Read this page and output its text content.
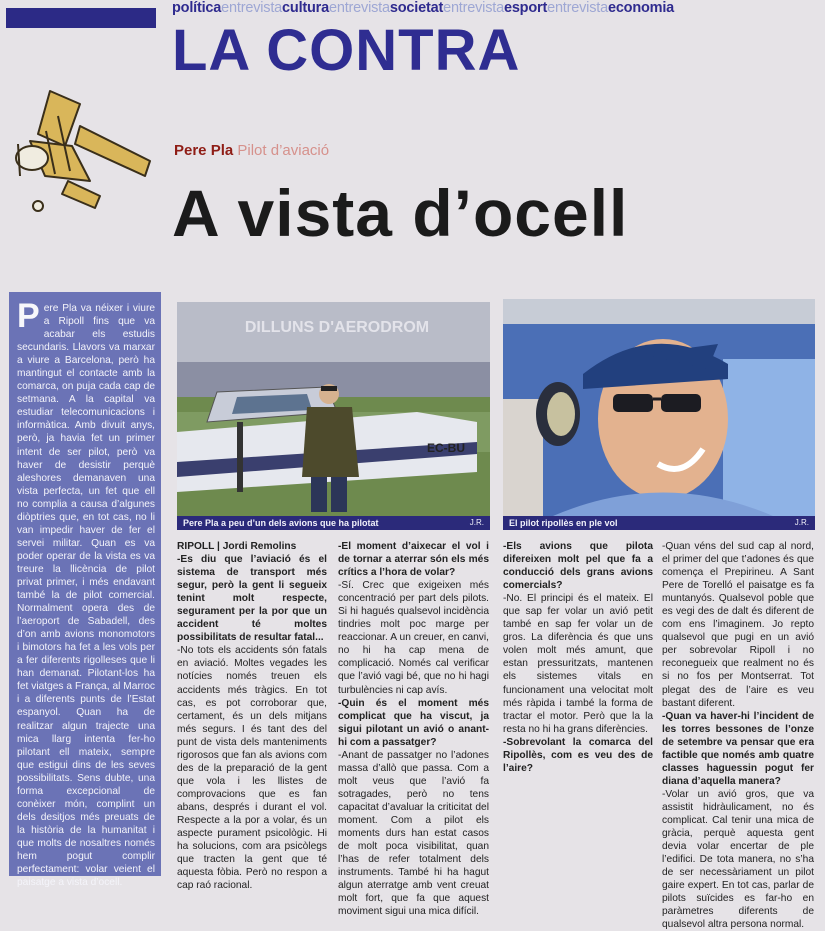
políticaentrevistaculturaentrevistasocietatentrevistaesportentrevistaeconomia
LA CONTRA
Pere Pla Pilot d’aviació
A vista d’ocell
Pere Pla va néixer i viure a Ripoll fins que va acabar els estudis secundaris. Llavors va marxar a viure a Barcelona, però ha mantingut el contacte amb la comarca, on puja cada cap de setmana. A la capital va estudiar telecomunicacions i informàtica. Amb divuit anys, però, ja havia fet un primer intent de ser pilot, però va haver de desistir perquè aleshores demanaven una vista perfecta, un fet que ell no complia a causa d’algunes diòptries que, en tot cas, no li van impedir haver de fer el servei militar. Quan es va poder operar de la vista es va treure la llicència de pilot privat primer, i més endavant també la de pilot comercial. Normalment opera des de l’aeroport de Sabadell, des d’on amb avions monomotors i bimotors ha fet a les vols per a fer diferents rigolleses que li han demanat. Pilotant-los ha fet viatges a França, al Marroc i a diferents punts de l’Estat espanyol. Quan ha de realitzar algun trajecte una mica llarg intenta fer-ho pilotant ell mateix, sempre que estigui dins de les seves possibilitats. Sens dubte, una forma excepcional de conèixer món, complint un dels desitjos més preuats de la història de la humanitat i que molts de nosaltres només hem pogut complir perfectament: volar veient el paisatge a vista d’ocell.
DILLUNS D'AERODROM
EC-BU
Pere Pla a peu d’un dels avions que ha pilotat	J.R.	El pilot ripollès en ple vol	J.R.

RIPOLL | Jordi Remolins

-Es diu que l’aviació és el sistema de transport més segur, però la gent li segueix tenint molt respecte, segurament per la por que un accident té moltes possibilitats de resultar fatal...

-No tots els accidents són fatals en aviació. Moltes vegades les notícies només treuen els accidents més tràgics. En tot cas, es pot corroborar que, certament, és un dels mitjans més segurs. I és tant des del punt de vista dels manteniments rigorosos que fan als avions com des de la preparació de la gent que vola i les llistes de comprovacions que es fan abans, després i durant el vol. Respecte a la por a volar, és un aspecte purament psicològic. Hi ha solucions, com ara psicòlegs que tracten la gent que té aquesta fòbia. Però no respon a cap raó racional.

-El moment d’aixecar el vol i de tornar a aterrar són els més crítics a l’hora de volar?

-Sí. Crec que exigeixen més concentració per part dels pilots. Si hi hagués qualsevol incidència tindries molt poc marge per reaccionar. A un creuer, en canvi, no hi ha cap mena de complicació. Només cal verificar que l’avió vagi bé, que no hi hagi turbulències ni cap avís.

-Quin és el moment més complicat que ha viscut, ja sigui pilotant un avió o anant-hi com a passatger?

-Anant de passatger no l’adones massa d’allò que passa. Com a molt veus que l’avió fa sotragades, però no tens capacitat d’avaluar la criticitat del moment. Com a pilot els moments durs han estat casos de molt poca visibilitat, quan l’has de refer totalment dels instruments. També hi ha hagut algun aterratge amb vent creuat molt fort, que fa que aquest moviment sigui una mica difícil.

-Els avions que pilota difereixen molt pel que fa a conducció dels grans avions comercials?

-No. El principi és el mateix. El que sap fer volar un avió petit també en sap fer volar un de gros. La diferència és que uns volen molt més amunt, que estan pressuritzats, mantenen els sistemes vitals en funcionament una velocitat molt més ràpida i també la forma de tractar el motor. Però que la la resta no hi ha grans diferències.

-Sobrevolant la comarca del Ripollès, com es veu des de l’aire?

-Quan véns del sud cap al nord, el primer del que t’adones és que comença el Prepirineu. A Sant Pere de Torelló el paisatge es fa muntanyós. Qualsevol poble que es vegi des de dalt és diferent de com ens l’imaginem. Jo repto qualsevol que pugi en un avió per sobrevolar Ripoll i no reconegueix que realment no és si no fos per Montserrat. Tot plegat des de l’aire es veu bastant diferent.

-Quan va haver-hi l’incident de les torres bessones de l’onze de setembre va pensar que era factible que només amb quatre classes haguessin pogut fer diana d’aquella manera?

-Volar un avió gros, que va assistit hidràulicament, no és complicat. Cal tenir una mica de gràcia, perquè aquesta gent devia volar encertar de ple l’edifici. De tota manera, no s’ha de ser necessàriament un pilot gaire expert. En tot cas, parlar de pilots suïcides es far-ho en paràmetres diferents de qualsevol altra persona normal.
